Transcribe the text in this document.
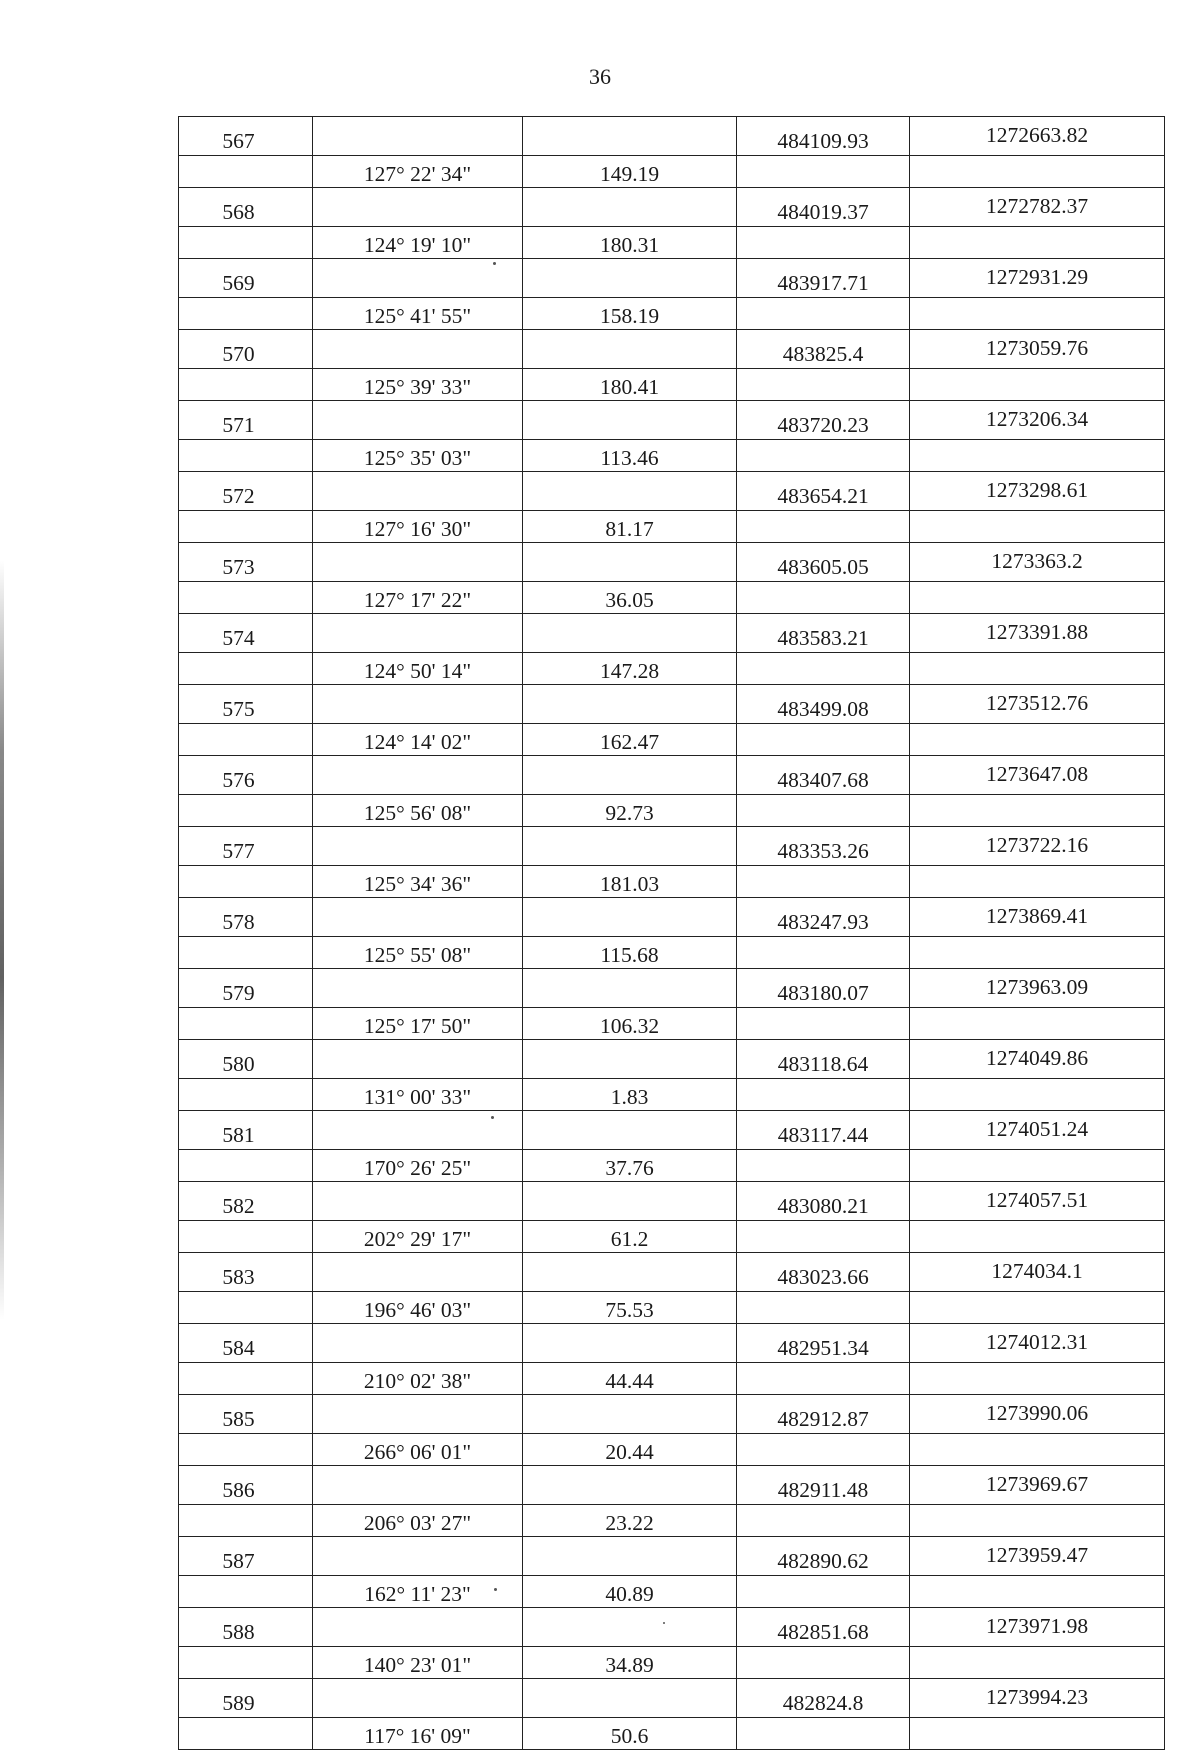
36
567			484109.93	1272663.82
	127° 22' 34"	149.19		
568			484019.37	1272782.37
	124° 19' 10"	180.31		
569			483917.71	1272931.29
	125° 41' 55"	158.19		
570			483825.4	1273059.76
	125° 39' 33"	180.41		
571			483720.23	1273206.34
	125° 35' 03"	113.46		
572			483654.21	1273298.61
	127° 16' 30"	81.17		
573			483605.05	1273363.2
	127° 17' 22"	36.05		
574			483583.21	1273391.88
	124° 50' 14"	147.28		
575			483499.08	1273512.76
	124° 14' 02"	162.47		
576			483407.68	1273647.08
	125° 56' 08"	92.73		
577			483353.26	1273722.16
	125° 34' 36"	181.03		
578			483247.93	1273869.41
	125° 55' 08"	115.68		
579			483180.07	1273963.09
	125° 17' 50"	106.32		
580			483118.64	1274049.86
	131° 00' 33"	1.83		
581			483117.44	1274051.24
	170° 26' 25"	37.76		
582			483080.21	1274057.51
	202° 29' 17"	61.2		
583			483023.66	1274034.1
	196° 46' 03"	75.53		
584			482951.34	1274012.31
	210° 02' 38"	44.44		
585			482912.87	1273990.06
	266° 06' 01"	20.44		
586			482911.48	1273969.67
	206° 03' 27"	23.22		
587			482890.62	1273959.47
	162° 11' 23"	40.89		
588			482851.68	1273971.98
	140° 23' 01"	34.89		
589			482824.8	1273994.23
	117° 16' 09"	50.6		
